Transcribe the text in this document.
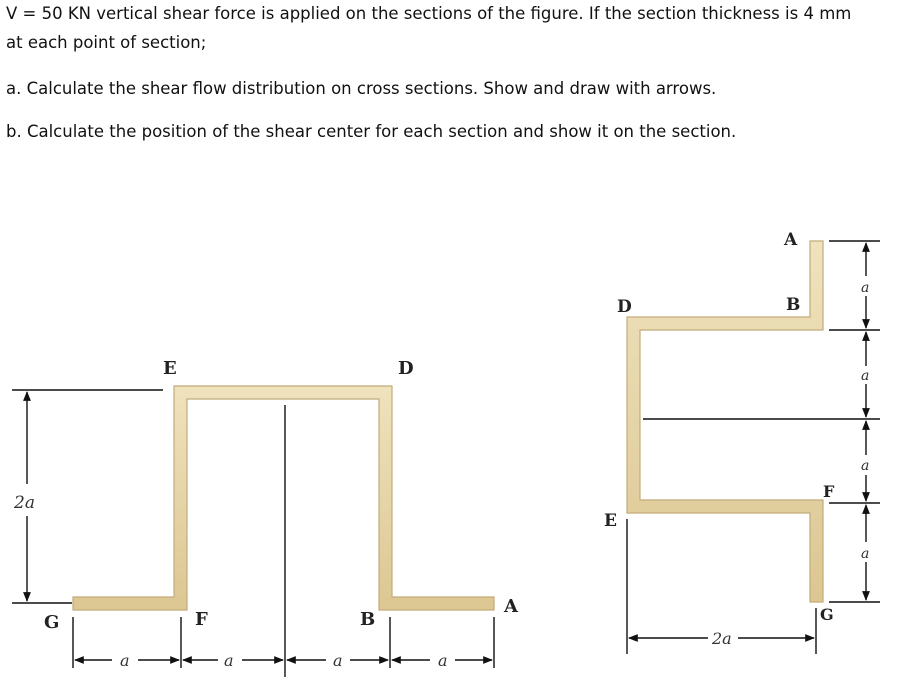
V = 50 KN vertical shear force is applied on the sections of the figure. If the section thickness is 4 mm
at each point of section;
a. Calculate the shear flow distribution on cross sections. Show and draw with arrows.
b. Calculate the position of the shear center for each section and show it on the section.
2a
a	a	a	a
E	D
G	F	B
A
a
a
a
a
2a
A
B
D
E
F
G
